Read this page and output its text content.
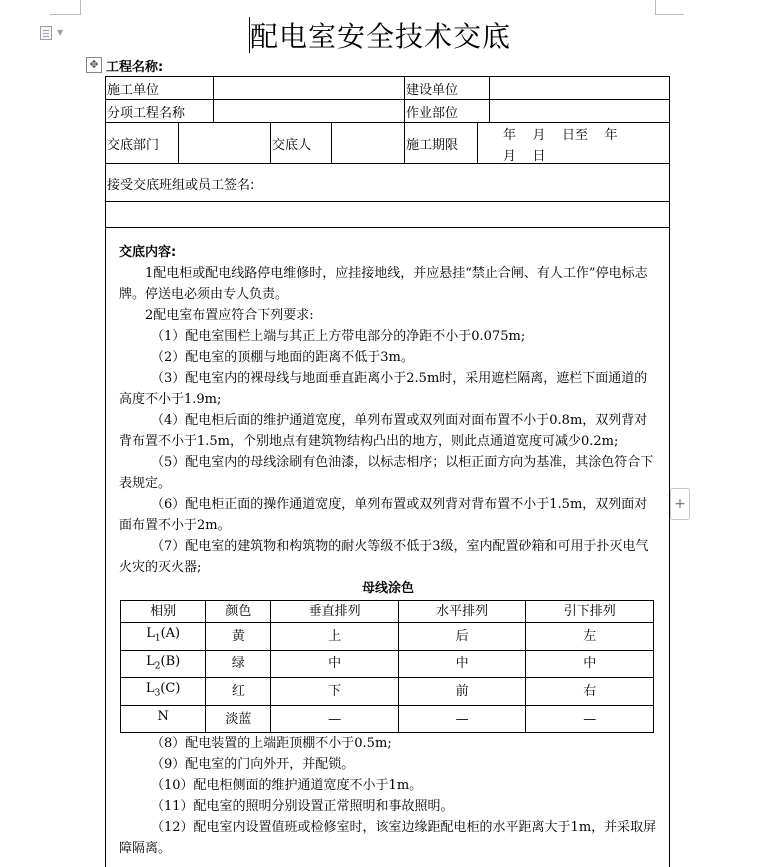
▼	配电室安全技术交底
✥ 工程名称:
施工单位	建设单位
分项工程名称	作业部位
交底部门	交底人	施工期限
年    月    日至    年
月    日
接受交底班组或员工签名:

交底内容:

1配电柜或配电线路停电维修时，应挂接地线，并应悬挂“禁止合闸、有人工作”停电标志牌。停送电必须由专人负责。

2配电室布置应符合下列要求:

（1）配电室围栏上端与其正上方带电部分的净距不小于0.075m;

（2）配电室的顶棚与地面的距离不低于3m。

（3）配电室内的裸母线与地面垂直距离小于2.5m时，采用遮栏隔离，遮栏下面通道的高度不小于1.9m;

（4）配电柜后面的维护通道宽度，单列布置或双列面对面布置不小于0.8m，双列背对背布置不小于1.5m，个别地点有建筑物结构凸出的地方，则此点通道宽度可减少0.2m;

（5）配电室内的母线涂刷有色油漆，以标志相序；以柜正面方向为基准，其涂色符合下表规定。

（6）配电柜正面的操作通道宽度，单列布置或双列背对背布置不小于1.5m，双列面对面布置不小于2m。

（7）配电室的建筑物和构筑物的耐火等级不低于3级，室内配置砂箱和可用于扑灭电气火灾的灭火器;

母线涂色

相别	颜色	垂直排列	水平排列	引下排列
$L_1(A)$	黄	上	后	左
$L_2(B)$	绿	中	中	中
$L_3(C)$	红	下	前	右
N	淡蓝	—	—	—

（8）配电装置的上端距顶棚不小于0.5m;

（9）配电室的门向外开，并配锁。

（10）配电柜侧面的维护通道宽度不小于1m。

（11）配电室的照明分别设置正常照明和事故照明。

（12）配电室内设置值班或检修室时，该室边缘距配电柜的水平距离大于1m，并采取屏障隔离。

+
